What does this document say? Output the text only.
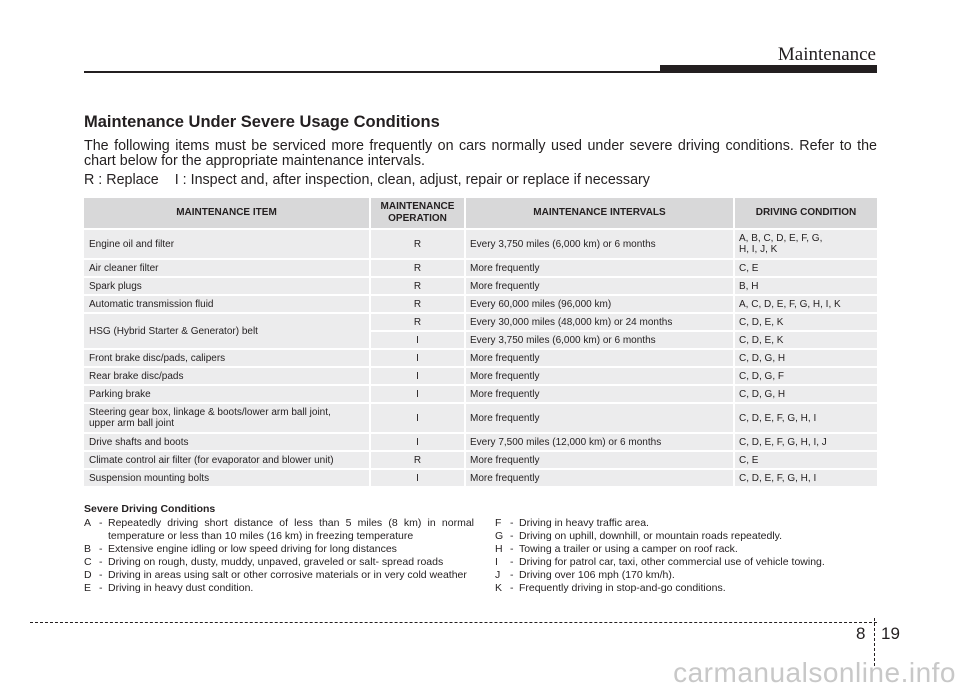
Maintenance
Maintenance Under Severe Usage Conditions

The following items must be serviced more frequently on cars normally used under severe driving conditions. Refer to the chart below for the appropriate maintenance intervals.

R : Replace I : Inspect and, after inspection, clean, adjust, repair or replace if necessary

MAINTENANCE ITEM	MAINTENANCE
OPERATION	MAINTENANCE INTERVALS	DRIVING CONDITION
Engine oil and filter	R	Every 3,750 miles (6,000 km) or 6 months	A, B, C, D, E, F, G,
H, I, J, K
Air cleaner filter	R	More frequently	C, E
Spark plugs	R	More frequently	B, H
Automatic transmission fluid	R	Every 60,000 miles (96,000 km)	A, C, D, E, F, G, H, I, K
HSG (Hybrid Starter & Generator) belt	R	Every 30,000 miles (48,000 km) or 24 months	C, D, E, K
	I	Every 3,750 miles (6,000 km) or 6 months	C, D, E, K
Front brake disc/pads, calipers	I	More frequently	C, D, G, H
Rear brake disc/pads	I	More frequently	C, D, G, F
Parking brake	I	More frequently	C, D, G, H
Steering gear box, linkage & boots/lower arm ball joint,
upper arm ball joint	I	More frequently	C, D, E, F, G, H, I
Drive shafts and boots	I	Every 7,500 miles (12,000 km) or 6 months	C, D, E, F, G, H, I, J
Climate control air filter (for evaporator and blower unit)	R	More frequently	C, E
Suspension mounting bolts	I	More frequently	C, D, E, F, G, H, I
Severe Driving Conditions
A - Repeatedly driving short distance of less than 5 miles (8 km) in normal temperature or less than 10 miles (16 km) in freezing temperature
B - Extensive engine idling or low speed driving for long distances
C - Driving on rough, dusty, muddy, unpaved, graveled or salt- spread roads
D - Driving in areas using salt or other corrosive materials or in very cold weather
E - Driving in heavy dust condition.
F - Driving in heavy traffic area.
G - Driving on uphill, downhill, or mountain roads repeatedly.
H - Towing a trailer or using a camper on roof rack.
I	- Driving for patrol car, taxi, other commercial use of vehicle towing.
J - Driving over 106 mph (170 km/h).
K - Frequently driving in stop-and-go conditions.
8 19
carmanualsonline.info
